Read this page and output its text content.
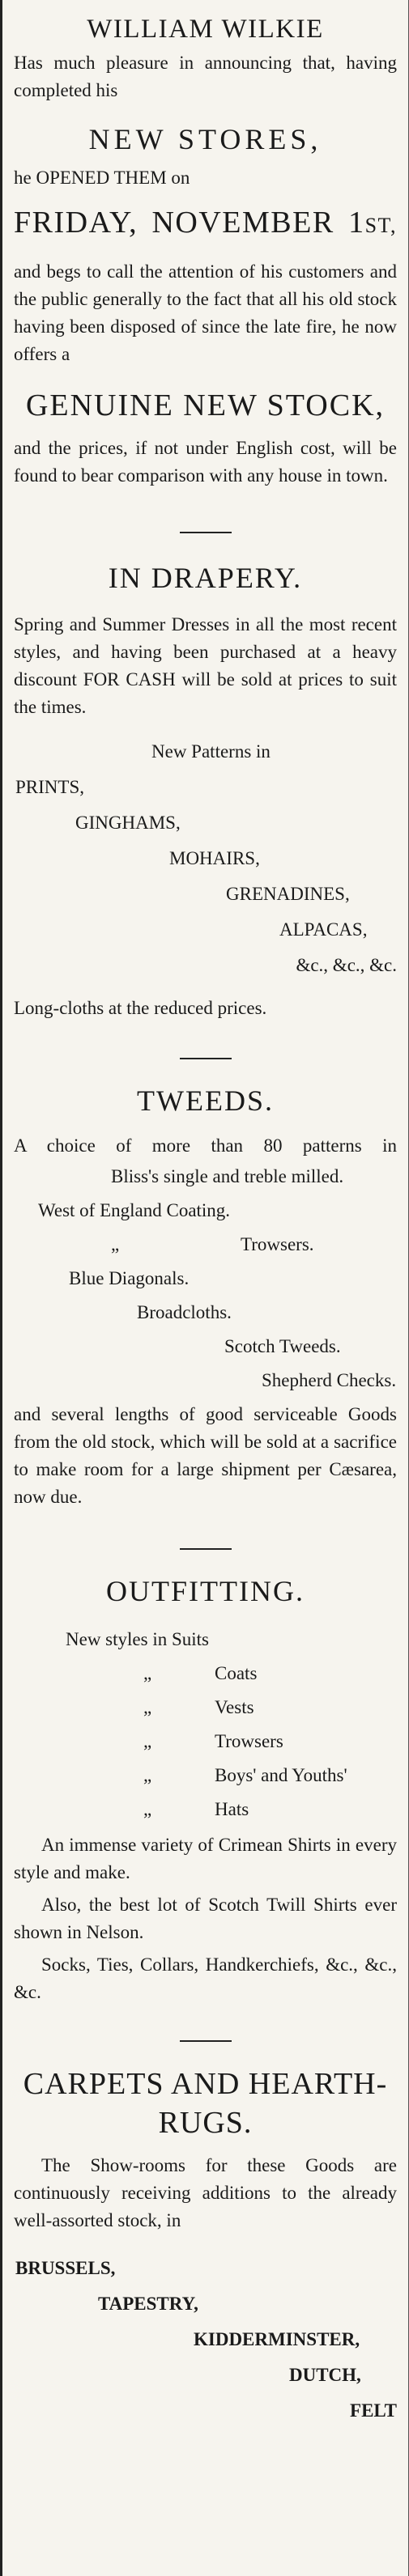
WILLIAM WILKIE

Has much pleasure in announcing that, having completed his

NEW STORES,

he OPENED THEM on

FRIDAY, NOVEMBER 1ST,

and begs to call the attention of his customers and the public generally to the fact that all his old stock having been disposed of since the late fire, he now offers a

GENUINE NEW STOCK,

and the prices, if not under English cost, will be found to bear comparison with any house in town.

IN DRAPERY.

Spring and Summer Dresses in all the most recent styles, and having been purchased at a heavy discount FOR CASH will be sold at prices to suit the times.

New Patterns in

PRINTS,

GINGHAMS,

MOHAIRS,

GRENADINES,

ALPACAS,

&c., &c., &c.

Long-cloths at the reduced prices.

TWEEDS.

A choice of more than 80 patterns in

Bliss's single and treble milled.

West of England Coating.

„	Trowsers.

Blue Diagonals.

Broadcloths.

Scotch Tweeds.

Shepherd Checks.

and several lengths of good serviceable Goods from the old stock, which will be sold at a sacrifice to make room for a large shipment per Cæsarea, now due.

OUTFITTING.

New styles in Suits

„	Coats

„	Vests

„	Trowsers

„	Boys' and Youths'

„	Hats

An immense variety of Crimean Shirts in every style and make.

Also, the best lot of Scotch Twill Shirts ever shown in Nelson.

Socks, Ties, Collars, Handkerchiefs, &c., &c., &c.

CARPETS AND HEARTH-RUGS.

The Show-rooms for these Goods are continuously receiving additions to the already well-assorted stock, in

BRUSSELS,

TAPESTRY,

KIDDERMINSTER,

DUTCH,

FELT
